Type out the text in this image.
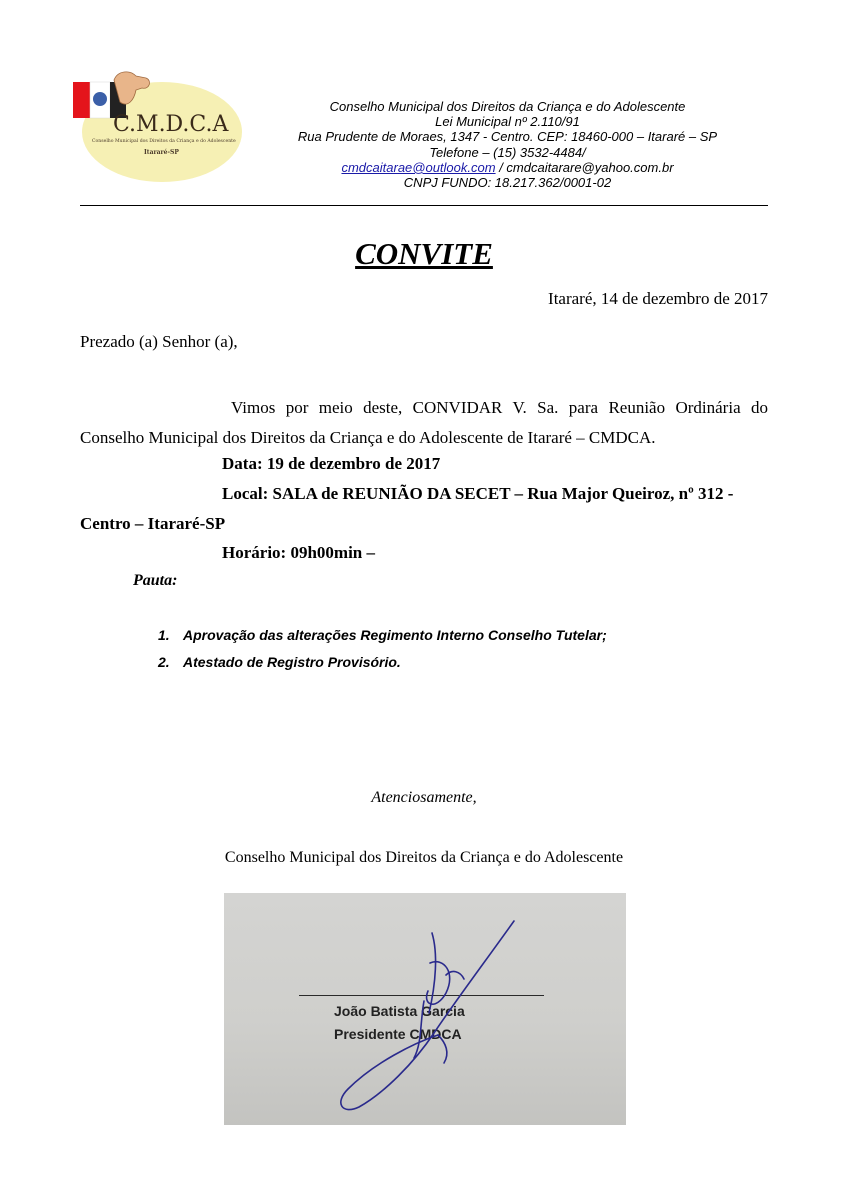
C.M.D.C.A
Conselho Municipal dos Direitos da Criança e do Adolescente
Itararé-SP
Conselho Municipal dos Direitos da Criança e do Adolescente
Lei Municipal nº 2.110/91
Rua Prudente de Moraes, 1347 - Centro. CEP: 18460-000 – Itararé – SP
Telefone – (15) 3532-4484/
cmdcaitarae@outlook.com / cmdcaitarare@yahoo.com.br
CNPJ FUNDO: 18.217.362/0001-02
CONVITE
Itararé, 14 de dezembro de 2017
Prezado (a) Senhor (a),
Vimos por meio deste, CONVIDAR V. Sa. para Reunião Ordinária do
Conselho Municipal dos Direitos da Criança e do Adolescente de Itararé – CMDCA.
Data: 19 de dezembro de 2017
Local: SALA de REUNIÃO DA SECET – Rua Major Queiroz, nº 312 -
Centro – Itararé-SP
Horário: 09h00min –
Pauta:
1. Aprovação das alterações Regimento Interno Conselho Tutelar;
2. Atestado de Registro Provisório.
Atenciosamente,
Conselho Municipal dos Direitos da Criança e do Adolescente
João Batista Garcia
Presidente CMDCA
